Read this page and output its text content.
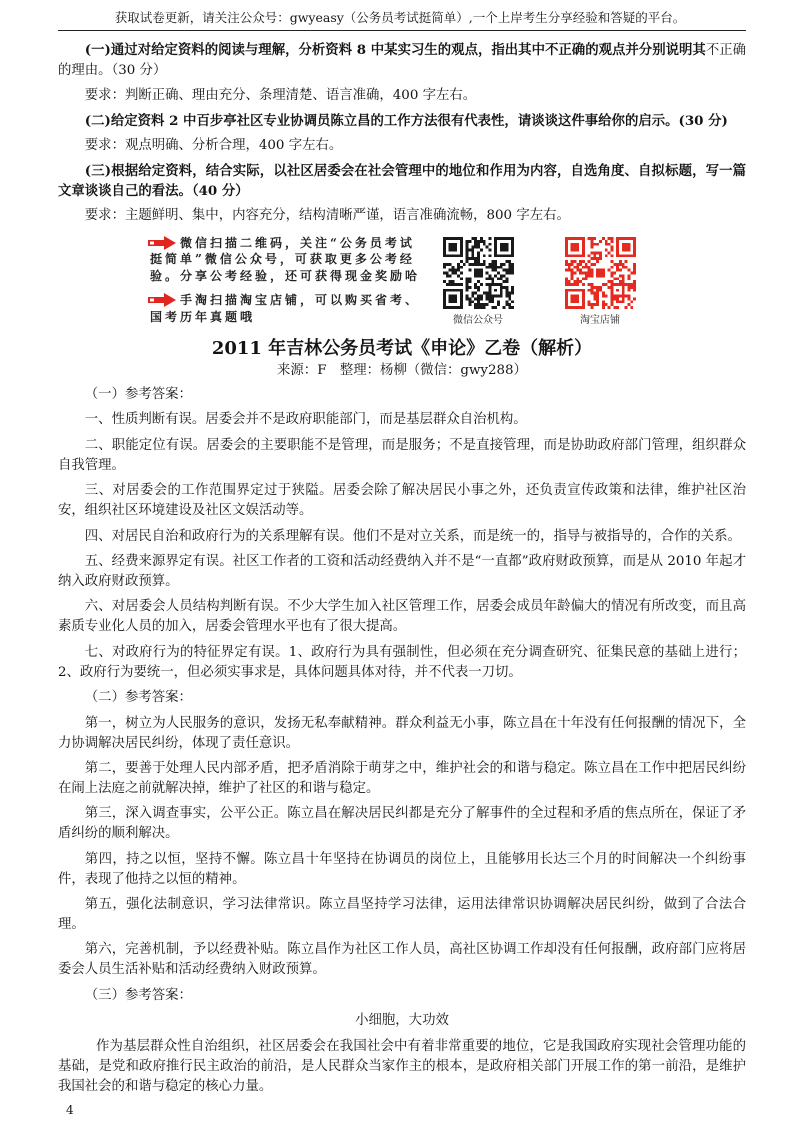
获取试卷更新，请关注公众号：gwyeasy（公务员考试挺简单）,一个上岸考生分享经验和答疑的平台。

(一)通过对给定资料的阅读与理解，分析资料 8 中某实习生的观点，指出其中不正确的观点并分别说明其不正确的理由。（30 分）

要求：判断正确、理由充分、条理清楚、语言准确，400 字左右。

(二)给定资料 2 中百步亭社区专业协调员陈立昌的工作方法很有代表性，请谈谈这件事给你的启示。(30 分)

要求：观点明确、分析合理，400 字左右。

(三)根据给定资料，结合实际，以社区居委会在社会管理中的地位和作用为内容，自选角度、自拟标题，写一篇文章谈谈自己的看法。（40 分）

要求：主题鲜明、集中，内容充分，结构清晰严谨，语言准确流畅，800 字左右。

微信扫描二维码，关注“公务员考试
挺简单”微信公众号，可获取更多公考经
验。分享公考经验，还可获得现金奖励哈
手淘扫描淘宝店铺，可以购买省考、
国考历年真题哦	微信公众号	淘宝店铺
2011 年吉林公务员考试《申论》乙卷（解析）
来源：F　整理：杨柳（微信：gwy288）

（一）参考答案：

一、性质判断有误。居委会并不是政府职能部门，而是基层群众自治机构。

二、职能定位有误。居委会的主要职能不是管理，而是服务；不是直接管理，而是协助政府部门管理，组织群众自我管理。

三、对居委会的工作范围界定过于狭隘。居委会除了解决居民小事之外，还负责宣传政策和法律，维护社区治安，组织社区环境建设及社区文娱活动等。

四、对居民自治和政府行为的关系理解有误。他们不是对立关系，而是统一的，指导与被指导的，合作的关系。

五、经费来源界定有误。社区工作者的工资和活动经费纳入并不是“一直都”政府财政预算，而是从 2010 年起才纳入政府财政预算。

六、对居委会人员结构判断有误。不少大学生加入社区管理工作，居委会成员年龄偏大的情况有所改变，而且高素质专业化人员的加入，居委会管理水平也有了很大提高。

七、对政府行为的特征界定有误。1、政府行为具有强制性，但必须在充分调查研究、征集民意的基础上进行；2、政府行为要统一，但必须实事求是，具体问题具体对待，并不代表一刀切。

（二）参考答案：

第一，树立为人民服务的意识，发扬无私奉献精神。群众利益无小事，陈立昌在十年没有任何报酬的情况下，全力协调解决居民纠纷，体现了责任意识。

第二，要善于处理人民内部矛盾，把矛盾消除于萌芽之中，维护社会的和谐与稳定。陈立昌在工作中把居民纠纷在闹上法庭之前就解决掉，维护了社区的和谐与稳定。

第三，深入调查事实，公平公正。陈立昌在解决居民纠都是充分了解事件的全过程和矛盾的焦点所在，保证了矛盾纠纷的顺利解决。

第四，持之以恒，坚持不懈。陈立昌十年坚持在协调员的岗位上，且能够用长达三个月的时间解决一个纠纷事件，表现了他持之以恒的精神。

第五，强化法制意识，学习法律常识。陈立昌坚持学习法律，运用法律常识协调解决居民纠纷，做到了合法合理。

第六，完善机制，予以经费补贴。陈立昌作为社区工作人员，高社区协调工作却没有任何报酬，政府部门应将居委会人员生活补贴和活动经费纳入财政预算。

（三）参考答案：

小细胞，大功效

作为基层群众性自治组织，社区居委会在我国社会中有着非常重要的地位，它是我国政府实现社会管理功能的基础，是党和政府推行民主政治的前沿，是人民群众当家作主的根本，是政府相关部门开展工作的第一前沿，是维护我国社会的和谐与稳定的核心力量。

4
